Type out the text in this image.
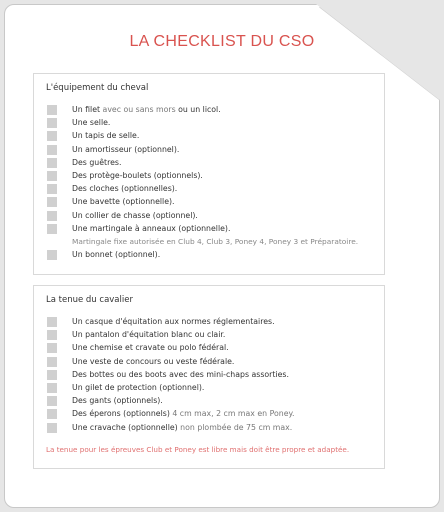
LA CHECKLIST DU CSO
L'équipement du cheval
Un filet avec ou sans mors ou un licol.
Une selle.
Un tapis de selle.
Un amortisseur (optionnel).
Des guêtres.
Des protège-boulets (optionnels).
Des cloches (optionnelles).
Une bavette (optionnelle).
Un collier de chasse (optionnel).
Une martingale à anneaux (optionnelle).
Martingale fixe autorisée en Club 4, Club 3, Poney 4, Poney 3 et Préparatoire.
Un bonnet (optionnel).
La tenue du cavalier
Un casque d'équitation aux normes réglementaires.
Un pantalon d'équitation blanc ou clair.
Une chemise et cravate ou polo fédéral.
Une veste de concours ou veste fédérale.
Des bottes ou des boots avec des mini-chaps assorties.
Un gilet de protection (optionnel).
Des gants (optionnels).
Des éperons (optionnels) 4 cm max, 2 cm max en Poney.
Une cravache (optionnelle) non plombée de 75 cm max.
La tenue pour les épreuves Club et Poney est libre mais doit être propre et adaptée.
